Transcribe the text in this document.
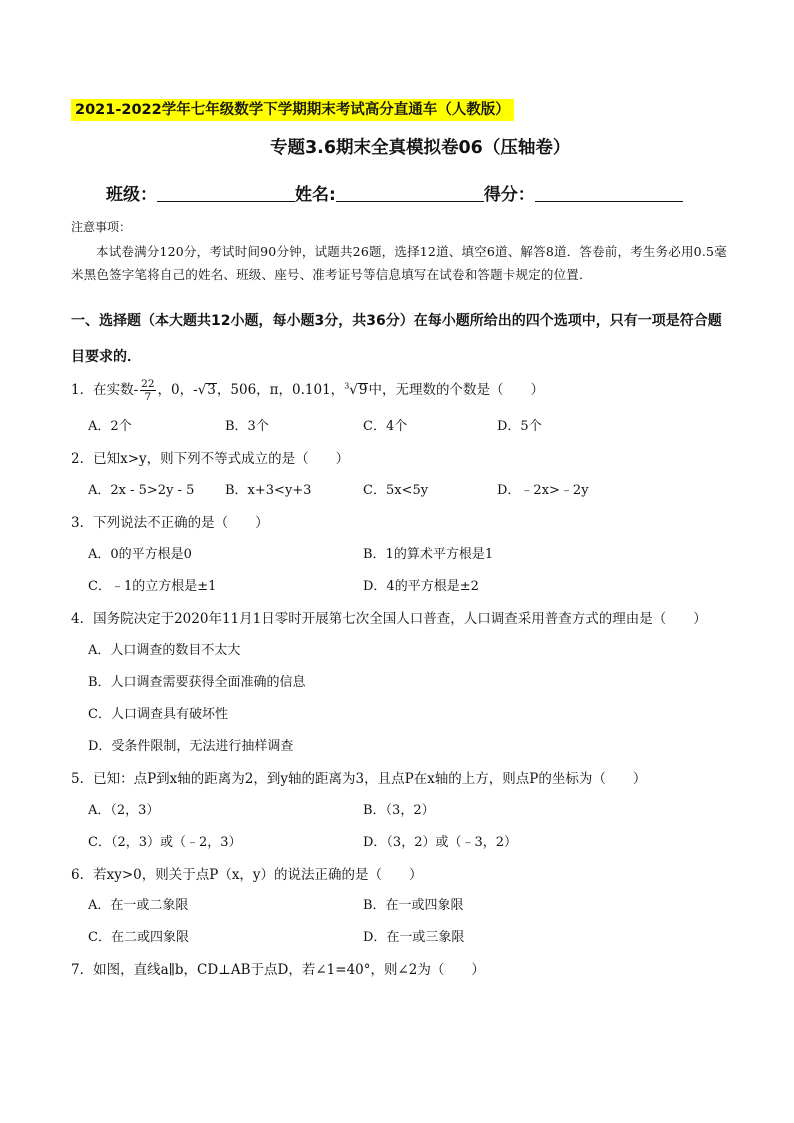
2021-2022学年七年级数学下学期期末考试高分直通车（人教版）
专题3.6期末全真模拟卷06（压轴卷）
班级：	姓名:	得分：
注意事项：
本试卷满分120分，考试时间90分钟，试题共26题，选择12道、填空6道、解答8道．答卷前，考生务必用0.5毫米黑色签字笔将自己的姓名、班级、座号、准考证号等信息填写在试卷和答题卡规定的位置．
一、选择题（本大题共12小题，每小题3分，共36分）在每小题所给出的四个选项中，只有一项是符合题目要求的．
1．在实数- $\frac{22}{7}$ ，0，-√3，506，π，0.101，$^3$√9中，无理数的个数是（　　）
A．2个	B．3个	C．4个	D．5个
2．已知x>y，则下列不等式成立的是（　　）
A．2x - 5>2y - 5 B．x+3<y+3	C．5x<5y	D．﹣2x>﹣2y
3．下列说法不正确的是（　　）
A．0的平方根是0	B．1的算术平方根是1
C．﹣1的立方根是±1	D．4的平方根是±2
4．国务院决定于2020年11月1日零时开展第七次全国人口普查，人口调查采用普查方式的理由是（　　）
A．人口调查的数目不太大
B．人口调查需要获得全面准确的信息
C．人口调查具有破坏性
D．受条件限制，无法进行抽样调查
5．已知：点P到x轴的距离为2，到y轴的距离为3，且点P在x轴的上方，则点P的坐标为（　　）
A．（2，3）	B．（3，2）
C．（2，3）或（﹣2，3）	D．（3，2）或（﹣3，2）
6．若xy>0，则关于点P（x，y）的说法正确的是（　　）
A．在一或二象限	B．在一或四象限
C．在二或四象限	D．在一或三象限
7．如图，直线a∥b，CD⊥AB于点D，若∠1=40°，则∠2为（　　）
